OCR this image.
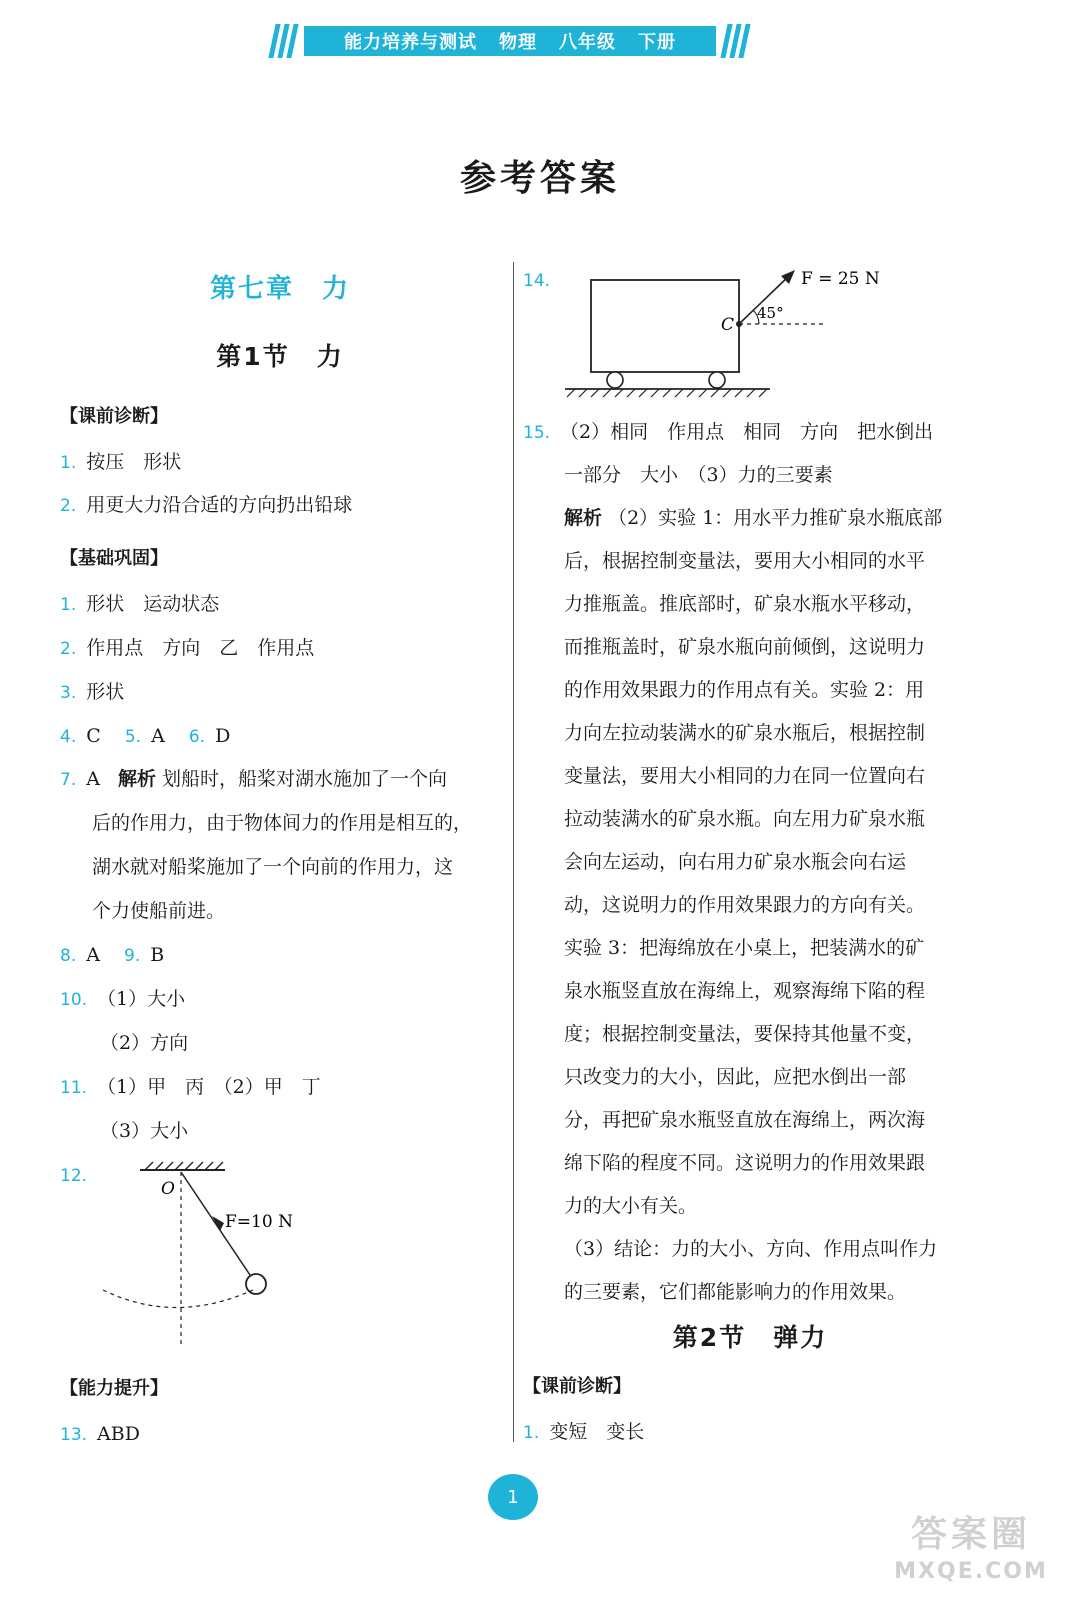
能力培养与测试 物理 八年级 下册
参考答案
第七章　力
第1节　力
【课前诊断】
1. 按压　形状
2. 用更大力沿合适的方向扔出铅球
【基础巩固】
1. 形状　运动状态
2. 作用点　方向　乙　作用点
3. 形状
4. C 5. A 6. D
7. A 解析 划船时，船桨对湖水施加了一个向
后的作用力，由于物体间力的作用是相互的，
湖水就对船桨施加了一个向前的作用力，这
个力使船前进。
8. A 9. B
10. （1）大小
（2）方向
11. （1）甲　丙　（2）甲　丁
（3）大小
12.
O
F=10 N
【能力提升】
13. ABD
14.
C
45°
F = 25 N
15. （2）相同　作用点　相同　方向　把水倒出
一部分　大小　（3）力的三要素
解析 （2）实验 1：用水平力推矿泉水瓶底部
后，根据控制变量法，要用大小相同的水平
力推瓶盖。推底部时，矿泉水瓶水平移动，
而推瓶盖时，矿泉水瓶向前倾倒，这说明力
的作用效果跟力的作用点有关。实验 2：用
力向左拉动装满水的矿泉水瓶后，根据控制
变量法，要用大小相同的力在同一位置向右
拉动装满水的矿泉水瓶。向左用力矿泉水瓶
会向左运动，向右用力矿泉水瓶会向右运
动，这说明力的作用效果跟力的方向有关。
实验 3：把海绵放在小桌上，把装满水的矿
泉水瓶竖直放在海绵上，观察海绵下陷的程
度；根据控制变量法，要保持其他量不变，
只改变力的大小，因此，应把水倒出一部
分，再把矿泉水瓶竖直放在海绵上，两次海
绵下陷的程度不同。这说明力的作用效果跟
力的大小有关。
（3）结论：力的大小、方向、作用点叫作力
的三要素，它们都能影响力的作用效果。
第2节　弹力
【课前诊断】
1. 变短　变长
1
答案圈
MXQE.COM
